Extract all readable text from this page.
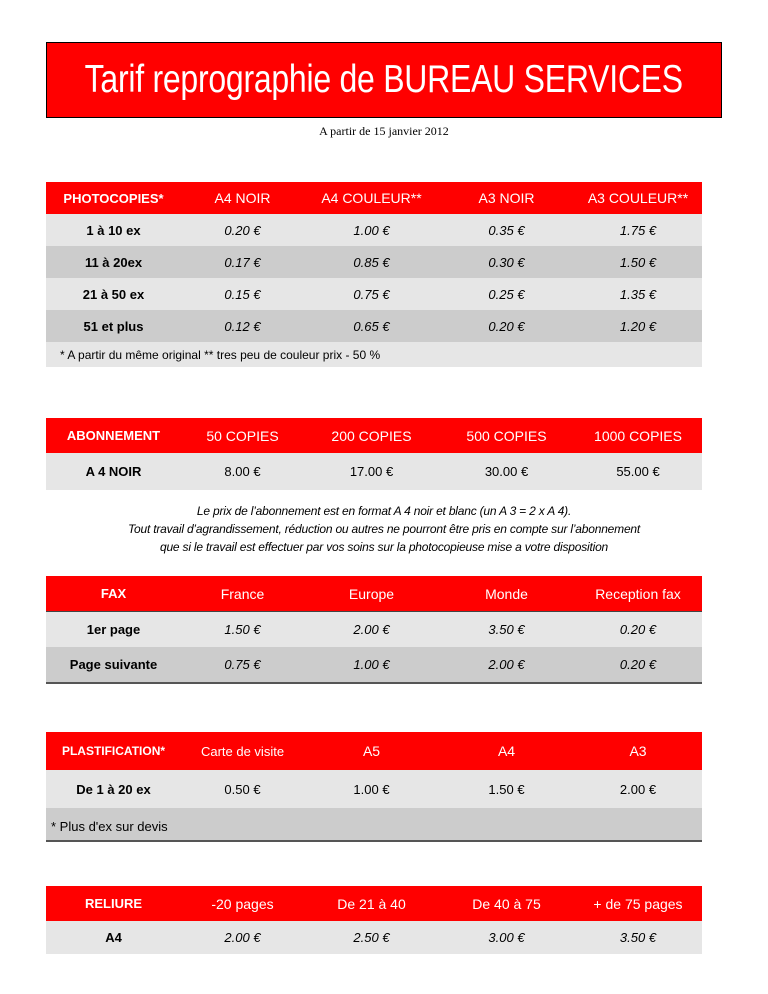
Tarif reprographie de BUREAU SERVICES
A partir de 15 janvier 2012
PHOTOCOPIES*	A4 NOIR	A4 COULEUR**	A3 NOIR	A3 COULEUR**
1 à 10 ex	0.20 €	1.00 €	0.35 €	1.75 €
11 à 20ex	0.17 €	0.85 €	0.30 €	1.50 €
21 à 50 ex	0.15 €	0.75 €	0.25 €	1.35 €
51 et plus	0.12 €	0.65 €	0.20 €	1.20 €
* A partir du même original ** tres peu de couleur prix - 50 %
ABONNEMENT	50 COPIES	200 COPIES	500 COPIES	1000 COPIES
A 4 NOIR	8.00 €	17.00 €	30.00 €	55.00 €
Le prix de l’abonnement est en format A 4 noir et blanc (un A 3 = 2 x A 4).
Tout travail d’agrandissement, réduction ou autres ne pourront être pris en compte sur l’abonnement
que si le travail est effectuer par vos soins sur la photocopieuse mise a votre disposition
FAX	France	Europe	Monde	Reception fax
1er page	1.50 €	2.00 €	3.50 €	0.20 €
Page suivante	0.75 €	1.00 €	2.00 €	0.20 €
PLASTIFICATION*	Carte de visite	A5	A4	A3
De 1 à 20 ex	0.50 €	1.00 €	1.50 €	2.00 €
* Plus d'ex sur devis
RELIURE	-20 pages	De 21 à 40	De 40 à 75	+ de 75 pages
A4	2.00 €	2.50 €	3.00 €	3.50 €
